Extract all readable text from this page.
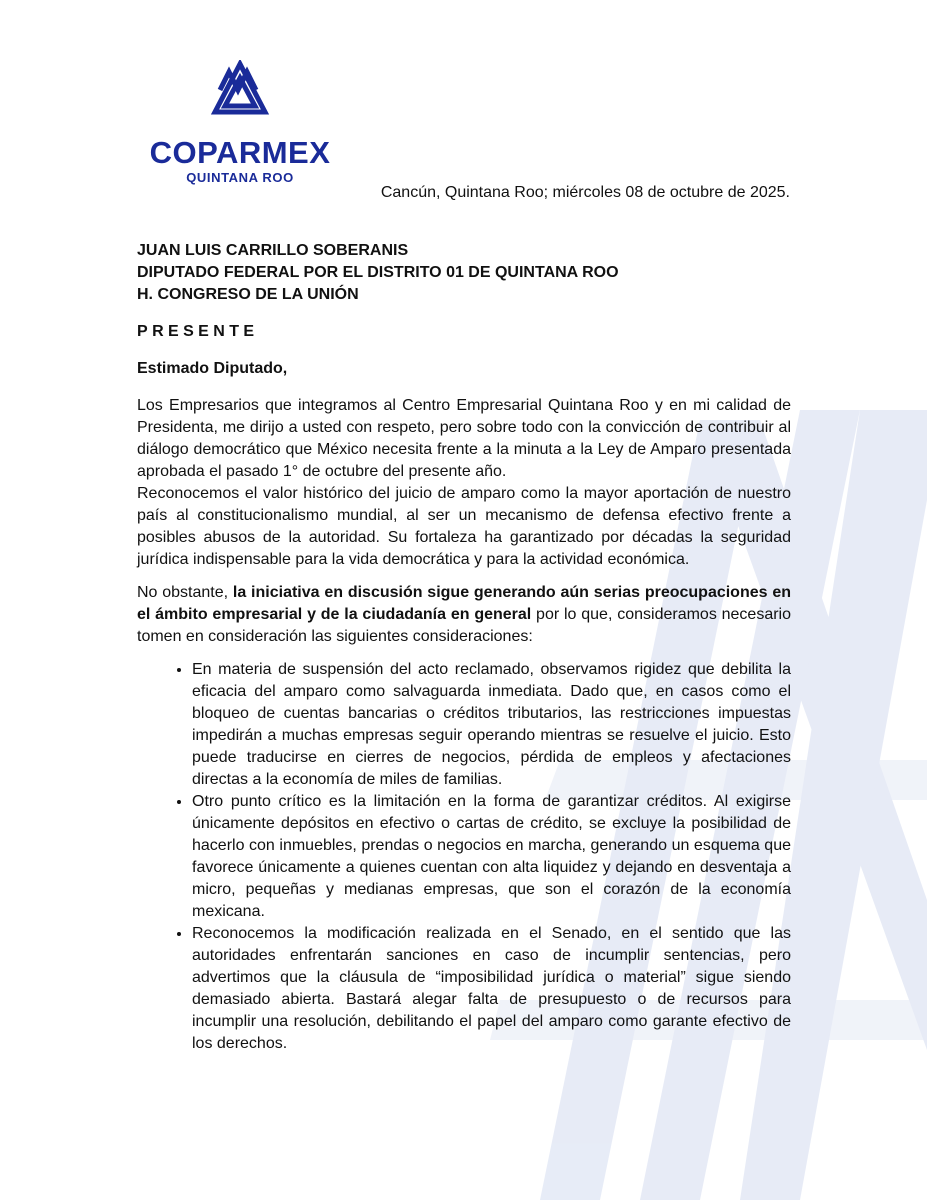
COPARMEX
QUINTANA ROO
Cancún, Quintana Roo; miércoles 08 de octubre de 2025.
JUAN LUIS CARRILLO SOBERANIS
DIPUTADO FEDERAL POR EL DISTRITO 01 DE QUINTANA ROO
H. CONGRESO DE LA UNIÓN
PRESENTE
Estimado Diputado,

Los Empresarios que integramos al Centro Empresarial Quintana Roo y en mi calidad de Presidenta, me dirijo a usted con respeto, pero sobre todo con la convicción de contribuir al diálogo democrático que México necesita frente a la minuta a la Ley de Amparo presentada aprobada el pasado 1° de octubre del presente año.

Reconocemos el valor histórico del juicio de amparo como la mayor aportación de nuestro país al constitucionalismo mundial, al ser un mecanismo de defensa efectivo frente a posibles abusos de la autoridad. Su fortaleza ha garantizado por décadas la seguridad jurídica indispensable para la vida democrática y para la actividad económica.

No obstante, la iniciativa en discusión sigue generando aún serias preocupaciones en el ámbito empresarial y de la ciudadanía en general por lo que, consideramos necesario tomen en consideración las siguientes consideraciones:

• En materia de suspensión del acto reclamado, observamos rigidez que debilita la eficacia del amparo como salvaguarda inmediata. Dado que, en casos como el bloqueo de cuentas bancarias o créditos tributarios, las restricciones impuestas impedirán a muchas empresas seguir operando mientras se resuelve el juicio. Esto puede traducirse en cierres de negocios, pérdida de empleos y afectaciones directas a la economía de miles de familias.
• Otro punto crítico es la limitación en la forma de garantizar créditos. Al exigirse únicamente depósitos en efectivo o cartas de crédito, se excluye la posibilidad de hacerlo con inmuebles, prendas o negocios en marcha, generando un esquema que favorece únicamente a quienes cuentan con alta liquidez y dejando en desventaja a micro, pequeñas y medianas empresas, que son el corazón de la economía mexicana.
• Reconocemos la modificación realizada en el Senado, en el sentido que las autoridades enfrentarán sanciones en caso de incumplir sentencias, pero advertimos que la cláusula de “imposibilidad jurídica o material” sigue siendo demasiado abierta. Bastará alegar falta de presupuesto o de recursos para incumplir una resolución, debilitando el papel del amparo como garante efectivo de los derechos.
